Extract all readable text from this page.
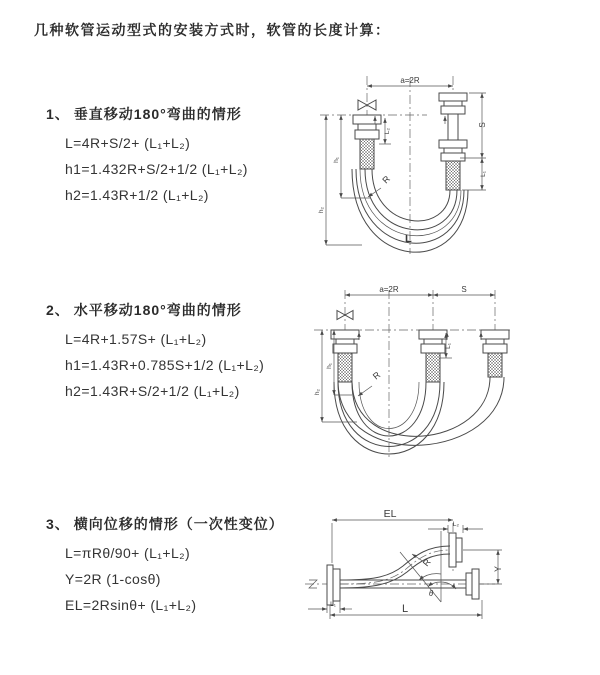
几种软管运动型式的安装方式时，软管的长度计算：
1、 垂直移动180°弯曲的情形
L=4R+S/2+ (L₁+L₂)
h1=1.432R+S/2+1/2 (L₁+L₂)
h2=1.43R+1/2 (L₁+L₂)
2、 水平移动180°弯曲的情形
L=4R+1.57S+ (L₁+L₂)
h1=1.43R+0.785S+1/2 (L₁+L₂)
h2=1.43R+S/2+1/2 (L₁+L₂)
3、 横向位移的情形（一次性变位）
L=πRθ/90+ (L₁+L₂)
Y=2R (1-cosθ)
EL=2Rsinθ+ (L₁+L₂)
a=2R
R
h₁
h₂
L₂
S
L₁
L
a=2R	S
R
h₁
h₂
L₁
EL
L₂
θ
R
Y
L₁	L
